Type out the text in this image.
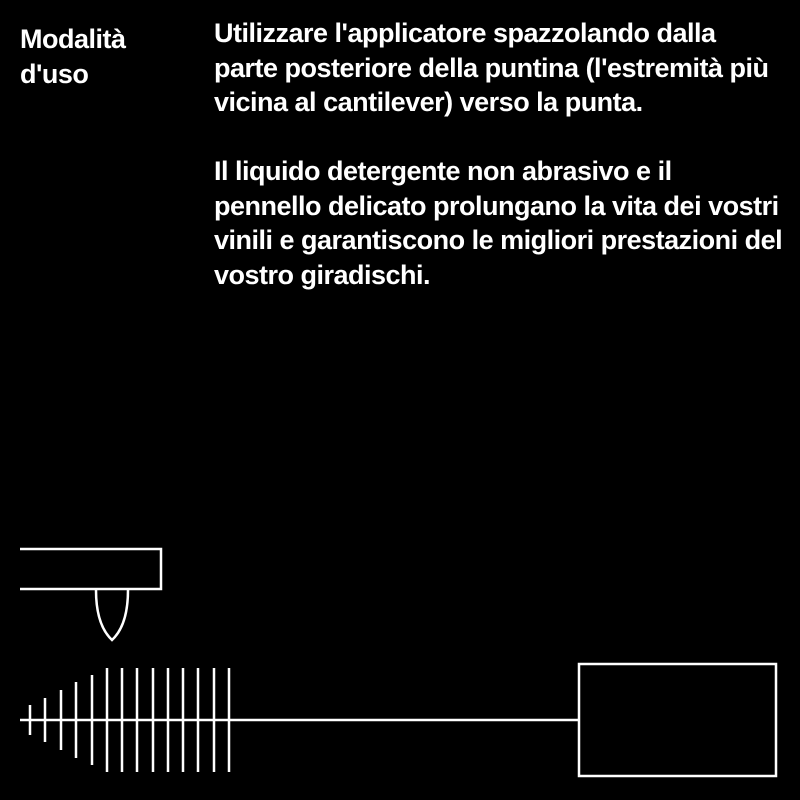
Modalità d'uso

Utilizzare l'applicatore spazzolando dalla parte posteriore della puntina (l'estremità più vicina al cantilever) verso la punta.

Il liquido detergente non abrasivo e il pennello delicato prolungano la vita dei vostri vinili e garantiscono le migliori prestazioni del vostro giradischi.
